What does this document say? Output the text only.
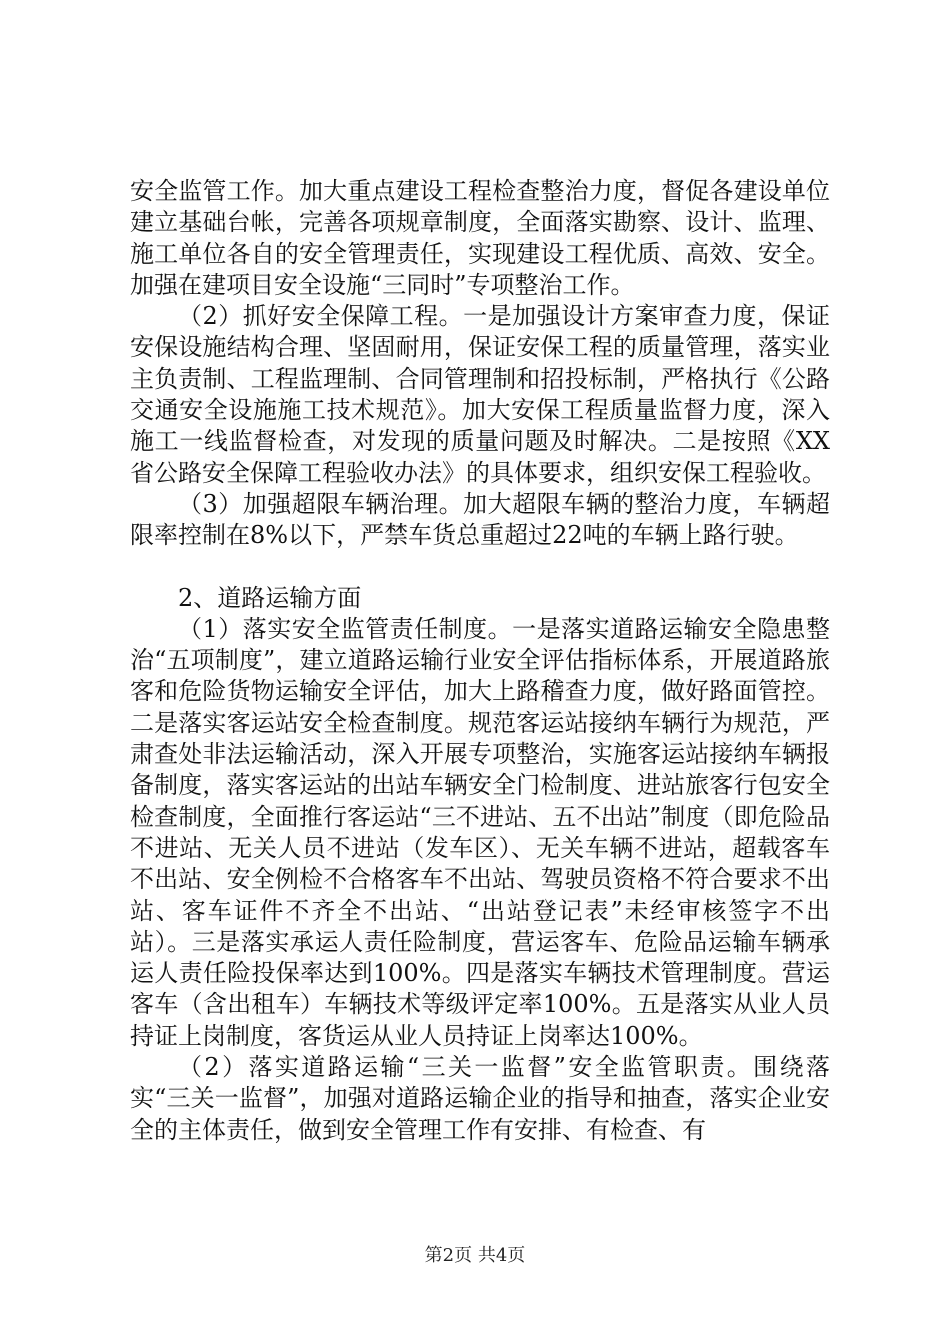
安全监管工作。加大重点建设工程检查整治力度，督促各建设单位建立基础台帐，完善各项规章制度，全面落实勘察、设计、监理、施工单位各自的安全管理责任，实现建设工程优质、高效、安全。加强在建项目安全设施“三同时”专项整治工作。

（2）抓好安全保障工程。一是加强设计方案审查力度，保证安保设施结构合理、坚固耐用，保证安保工程的质量管理，落实业主负责制、工程监理制、合同管理制和招投标制，严格执行《公路交通安全设施施工技术规范》。加大安保工程质量监督力度，深入施工一线监督检查，对发现的质量问题及时解决。二是按照《XX省公路安全保障工程验收办法》的具体要求，组织安保工程验收。

（3）加强超限车辆治理。加大超限车辆的整治力度，车辆超限率控制在8%以下，严禁车货总重超过22吨的车辆上路行驶。

2、道路运输方面

（1）落实安全监管责任制度。一是落实道路运输安全隐患整治“五项制度”，建立道路运输行业安全评估指标体系，开展道路旅客和危险货物运输安全评估，加大上路稽查力度，做好路面管控。二是落实客运站安全检查制度。规范客运站接纳车辆行为规范，严肃查处非法运输活动，深入开展专项整治，实施客运站接纳车辆报备制度，落实客运站的出站车辆安全门检制度、进站旅客行包安全检查制度，全面推行客运站“三不进站、五不出站”制度（即危险品不进站、无关人员不进站（发车区）、无关车辆不进站，超载客车不出站、安全例检不合格客车不出站、驾驶员资格不符合要求不出站、客车证件不齐全不出站、“出站登记表”未经审核签字不出站）。三是落实承运人责任险制度，营运客车、危险品运输车辆承运人责任险投保率达到100%。四是落实车辆技术管理制度。营运客车（含出租车）车辆技术等级评定率100%。五是落实从业人员持证上岗制度，客货运从业人员持证上岗率达100%。

（2）落实道路运输“三关一监督”安全监管职责。围绕落实“三关一监督”，加强对道路运输企业的指导和抽查，落实企业安全的主体责任，做到安全管理工作有安排、有检查、有

第2页 共4页
